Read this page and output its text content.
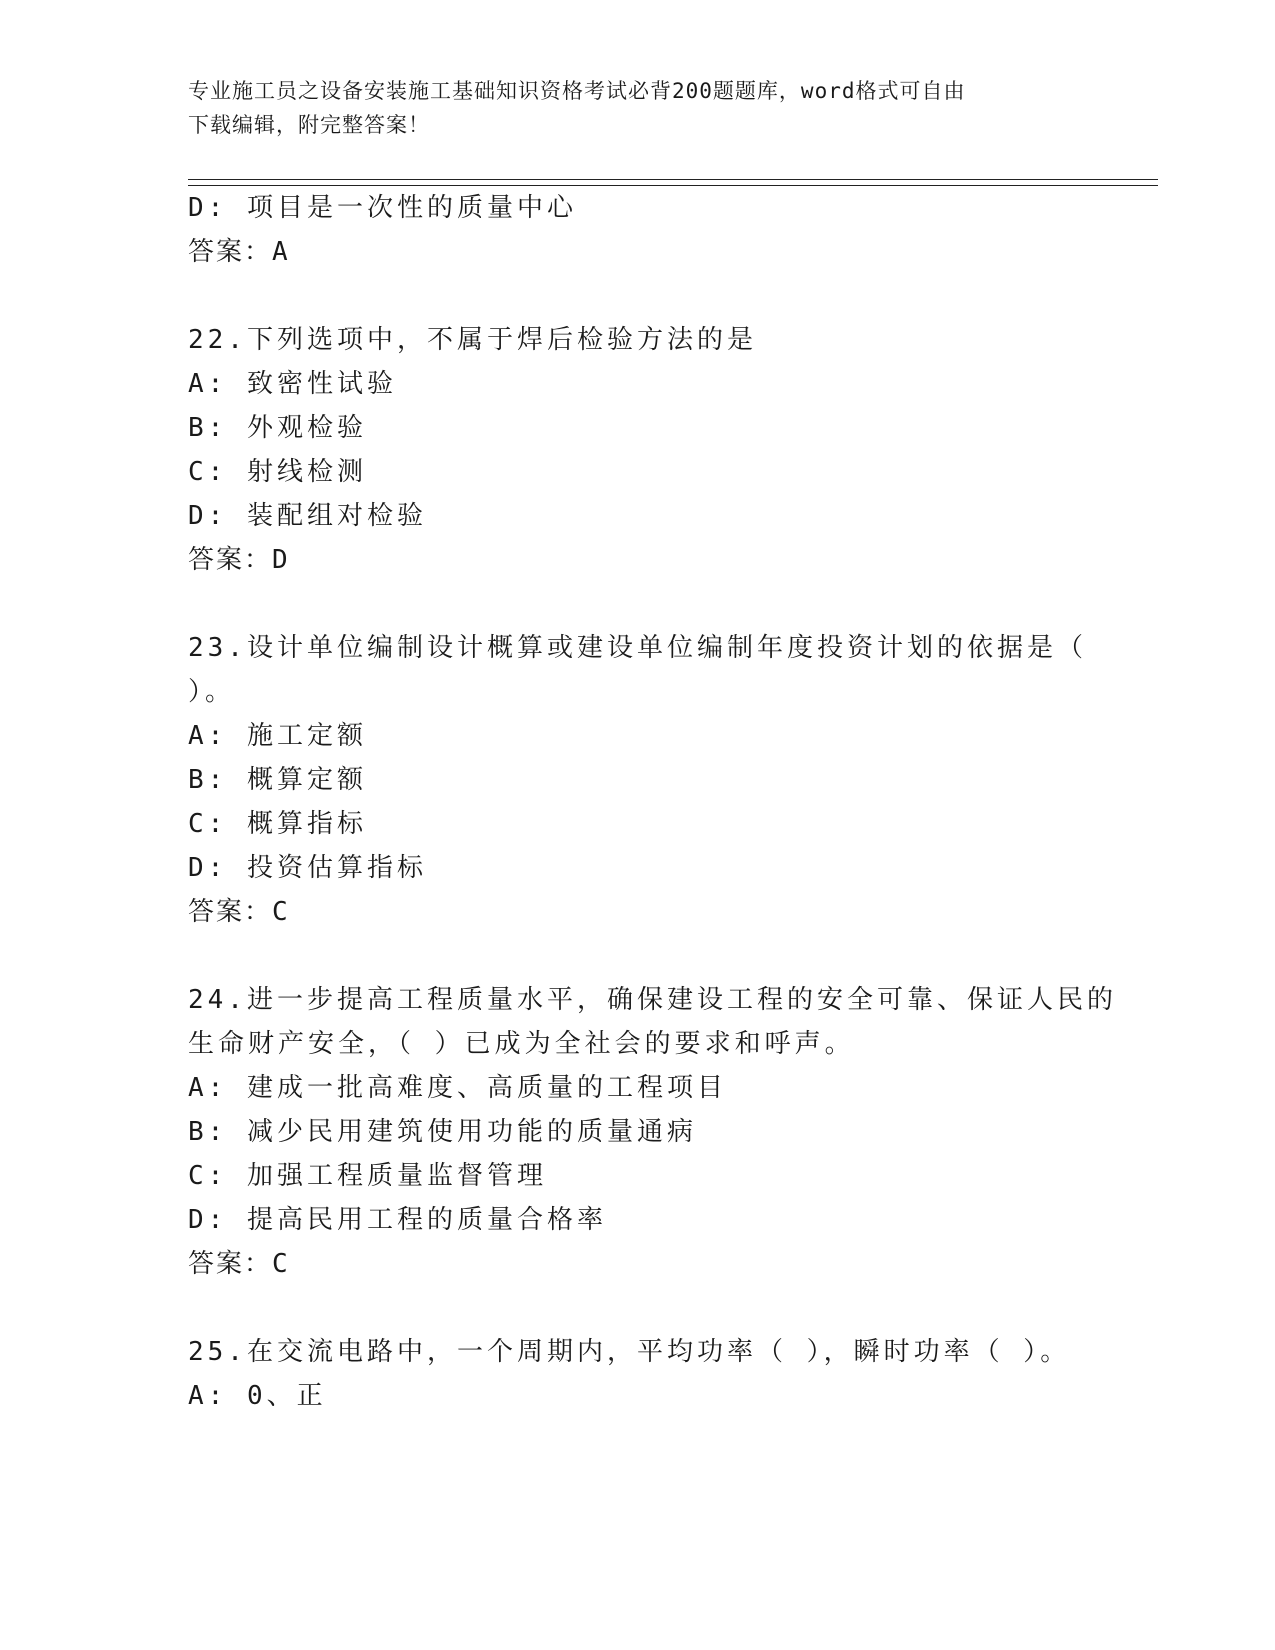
专业施工员之设备安装施工基础知识资格考试必背200题题库，word格式可自由
下载编辑，附完整答案！
D: 项目是一次性的质量中心
答案：A
22.下列选项中，不属于焊后检验方法的是
A: 致密性试验
B: 外观检验
C: 射线检测
D: 装配组对检验
答案：D
23.设计单位编制设计概算或建设单位编制年度投资计划的依据是（
）。
A: 施工定额
B: 概算定额
C: 概算指标
D: 投资估算指标
答案：C
24.进一步提高工程质量水平，确保建设工程的安全可靠、保证人民的
生命财产安全，（ ）已成为全社会的要求和呼声。
A: 建成一批高难度、高质量的工程项目
B: 减少民用建筑使用功能的质量通病
C: 加强工程质量监督管理
D: 提高民用工程的质量合格率
答案：C
25.在交流电路中，一个周期内，平均功率（ ），瞬时功率（ ）。
A: 0、正
